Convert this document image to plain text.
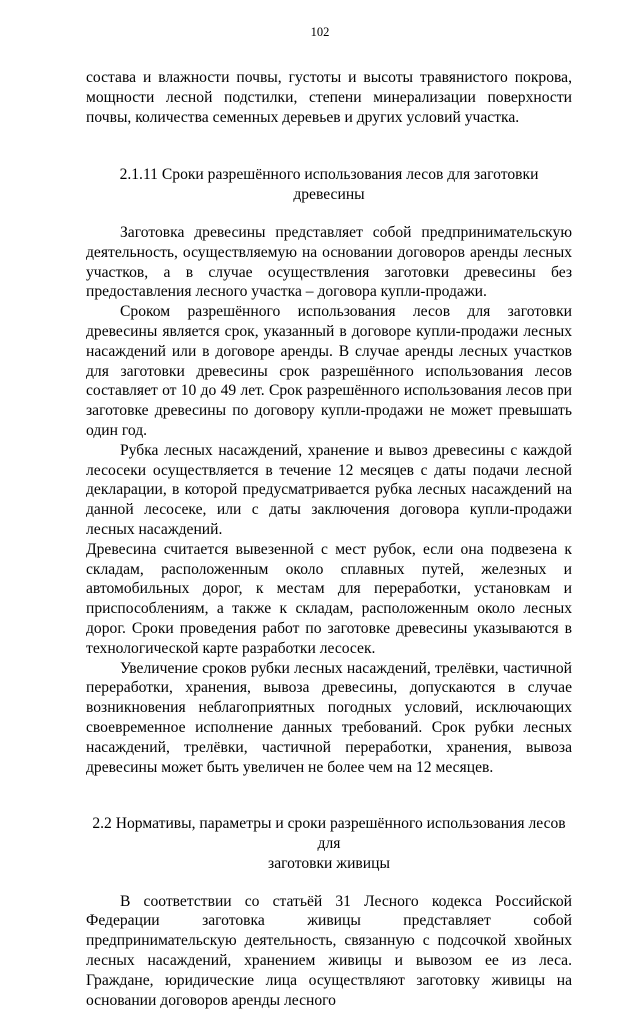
102

состава и влажности почвы, густоты и высоты травянистого покрова, мощности лесной подстилки, степени минерализации поверхности почвы, количества семенных деревьев и других условий участка.

2.1.11 Сроки разрешённого использования лесов для заготовки древесины

Заготовка древесины представляет собой предпринимательскую деятельность, осуществляемую на основании договоров аренды лесных участков, а в случае осуществления заготовки древесины без предоставления лесного участка – договора купли-продажи.

Сроком разрешённого использования лесов для заготовки древесины является срок, указанный в договоре купли-продажи лесных насаждений или в договоре аренды. В случае аренды лесных участков для заготовки древесины срок разрешённого использования лесов составляет от 10 до 49 лет. Срок разрешённого использования лесов при заготовке древесины по договору купли-продажи не может превышать один год.

Рубка лесных насаждений, хранение и вывоз древесины с каждой лесосеки осуществляется в течение 12 месяцев с даты подачи лесной декларации, в которой предусматривается рубка лесных насаждений на данной лесосеке, или с даты заключения договора купли-продажи лесных насаждений.

Древесина считается вывезенной с мест рубок, если она подвезена к складам, расположенным около сплавных путей, железных и автомобильных дорог, к местам для переработки, установкам и приспособлениям, а также к складам, расположенным около лесных дорог. Сроки проведения работ по заготовке древесины указываются в технологической карте разработки лесосек.

Увеличение сроков рубки лесных насаждений, трелёвки, частичной переработки, хранения, вывоза древесины, допускаются в случае возникновения неблагоприятных погодных условий, исключающих своевременное исполнение данных требований. Срок рубки лесных насаждений, трелёвки, частичной переработки, хранения, вывоза древесины может быть увеличен не более чем на 12 месяцев.

2.2 Нормативы, параметры и сроки разрешённого использования лесов для
заготовки живицы

В соответствии со статьёй 31 Лесного кодекса Российской Федерации заготовка живицы представляет собой предпринимательскую деятельность, связанную с подсочкой хвойных лесных насаждений, хранением живицы и вывозом ее из леса. Граждане, юридические лица осуществляют заготовку живицы на основании договоров аренды лесного
